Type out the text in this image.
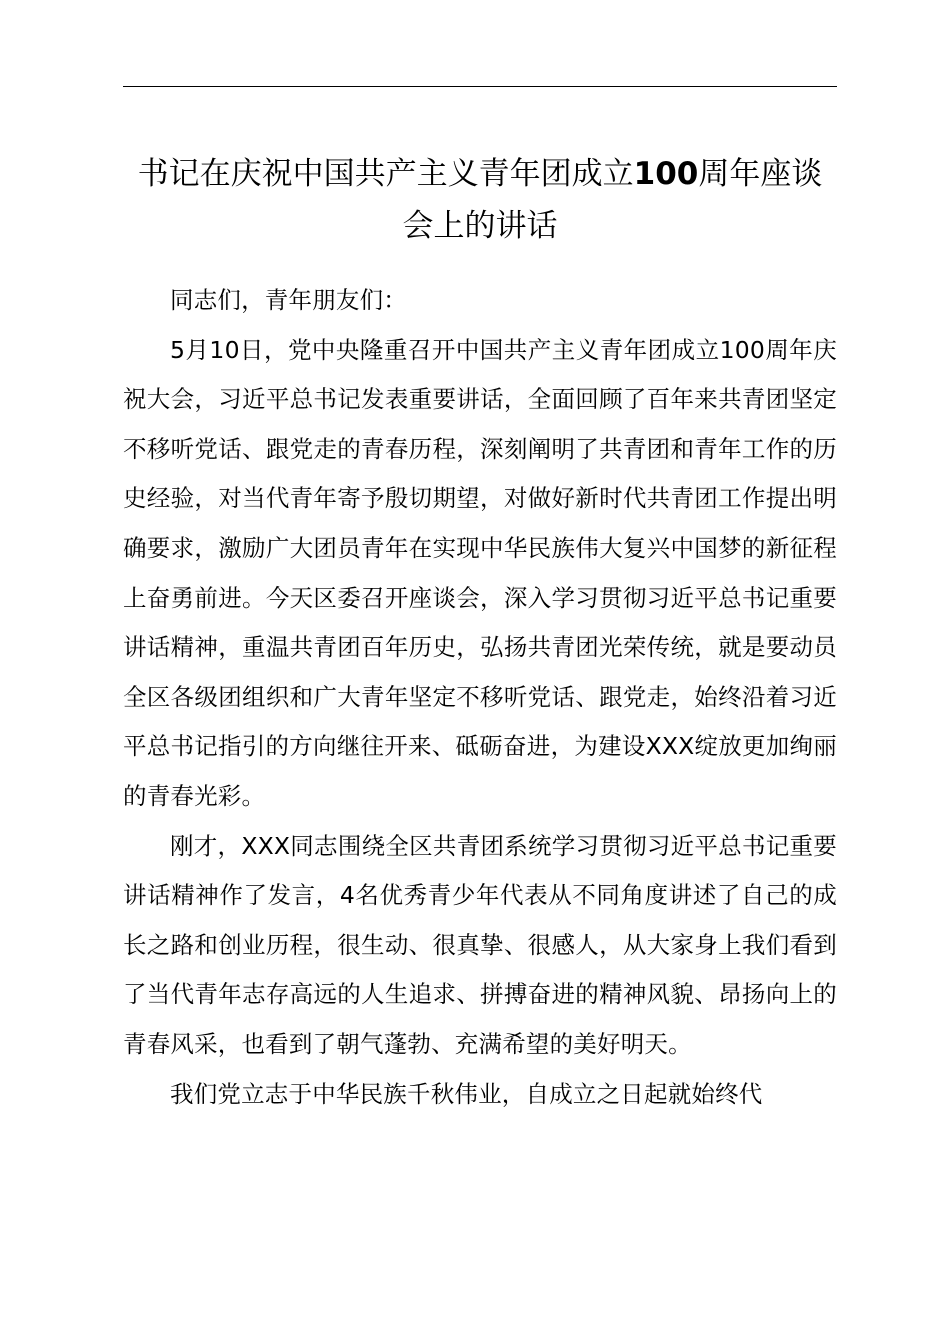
书记在庆祝中国共产主义青年团成立100周年座谈会上的讲话

同志们，青年朋友们：

5月10日，党中央隆重召开中国共产主义青年团成立100周年庆祝大会，习近平总书记发表重要讲话，全面回顾了百年来共青团坚定不移听党话、跟党走的青春历程，深刻阐明了共青团和青年工作的历史经验，对当代青年寄予殷切期望，对做好新时代共青团工作提出明确要求，激励广大团员青年在实现中华民族伟大复兴中国梦的新征程上奋勇前进。今天区委召开座谈会，深入学习贯彻习近平总书记重要讲话精神，重温共青团百年历史，弘扬共青团光荣传统，就是要动员全区各级团组织和广大青年坚定不移听党话、跟党走，始终沿着习近平总书记指引的方向继往开来、砥砺奋进，为建设XXX绽放更加绚丽的青春光彩。

刚才，XXX同志围绕全区共青团系统学习贯彻习近平总书记重要讲话精神作了发言，4名优秀青少年代表从不同角度讲述了自己的成长之路和创业历程，很生动、很真挚、很感人，从大家身上我们看到了当代青年志存高远的人生追求、拼搏奋进的精神风貌、昂扬向上的青春风采，也看到了朝气蓬勃、充满希望的美好明天。

我们党立志于中华民族千秋伟业，自成立之日起就始终代
